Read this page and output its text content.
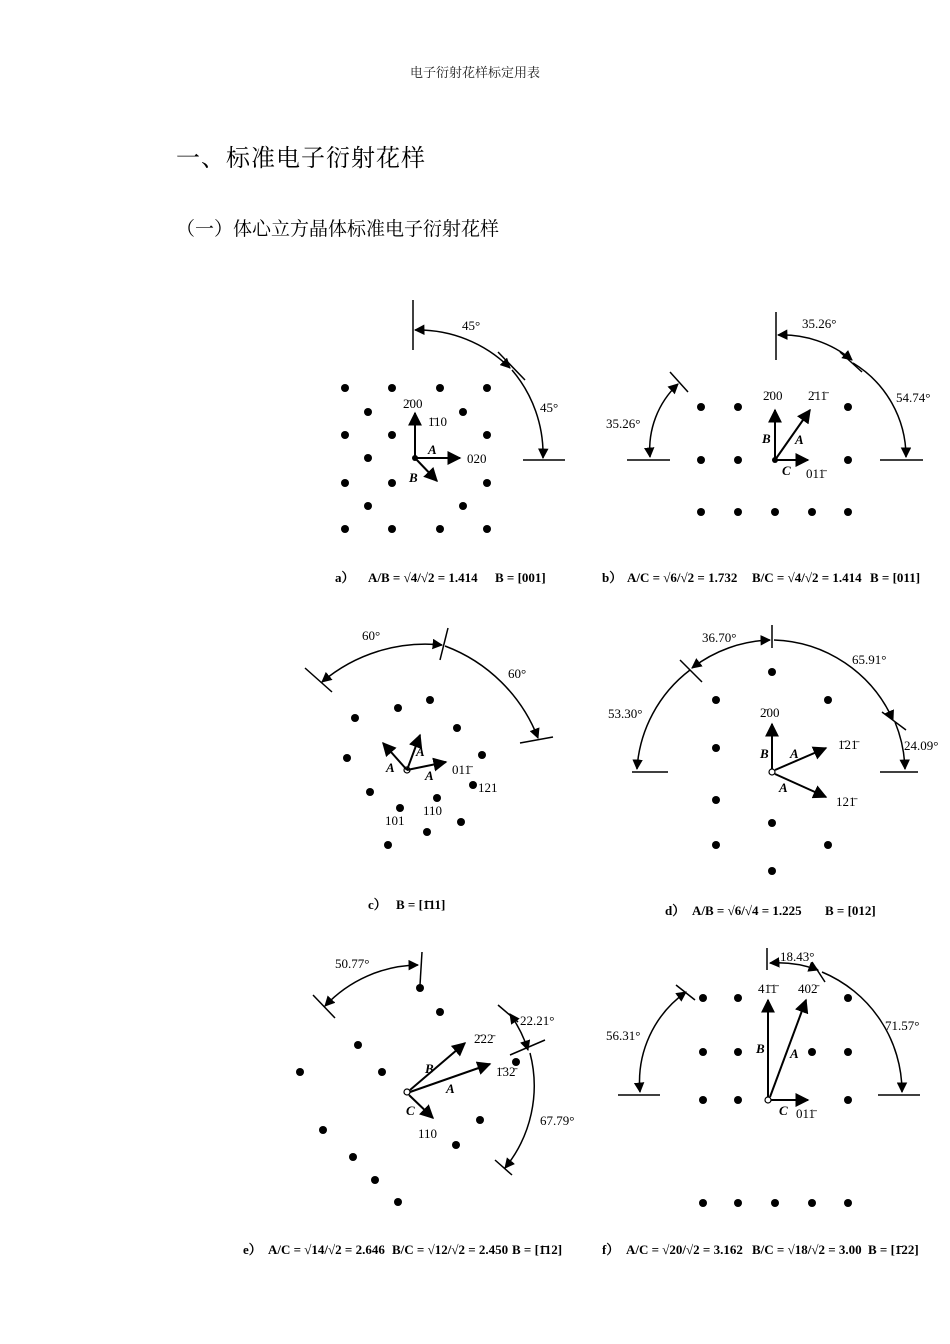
电子衍射花样标定用表
一、标准电子衍射花样
（一）体心立方晶体标准电子衍射花样
45°
45°
2̄00
1̄10
020
A
B
a） A/B = √4/√2 = 1.414 B = [001]
35.26°
35.26°
54.74°
2̄00 2̄11̄
011̄
A
B
C
b） A/C = √6/√2 = 1.732 B/C = √4/√2 = 1.414 B = [011]
60°
60°
011̄
121
110
101
A
A
A
c） B = [1̄11]
36.70°
65.91°
53.30°
24.09°
2̄00
1̄21̄
121̄
B A
A
d） A/B = √6/√4 = 1.225 B = [012]
50.77°
22.21°
67.79°
2̄22̄
1̄32̄
110
B
A
C
e） A/C = √14/√2 = 2.646 B/C = √12/√2 = 2.450 B = [1̄12]
18.43°
56.31°
71.57°
41̄1̄ 402̄
011̄
B A
C
f） A/C = √20/√2 = 3.162 B/C = √18/√2 = 3.00 B = [1̄22]
